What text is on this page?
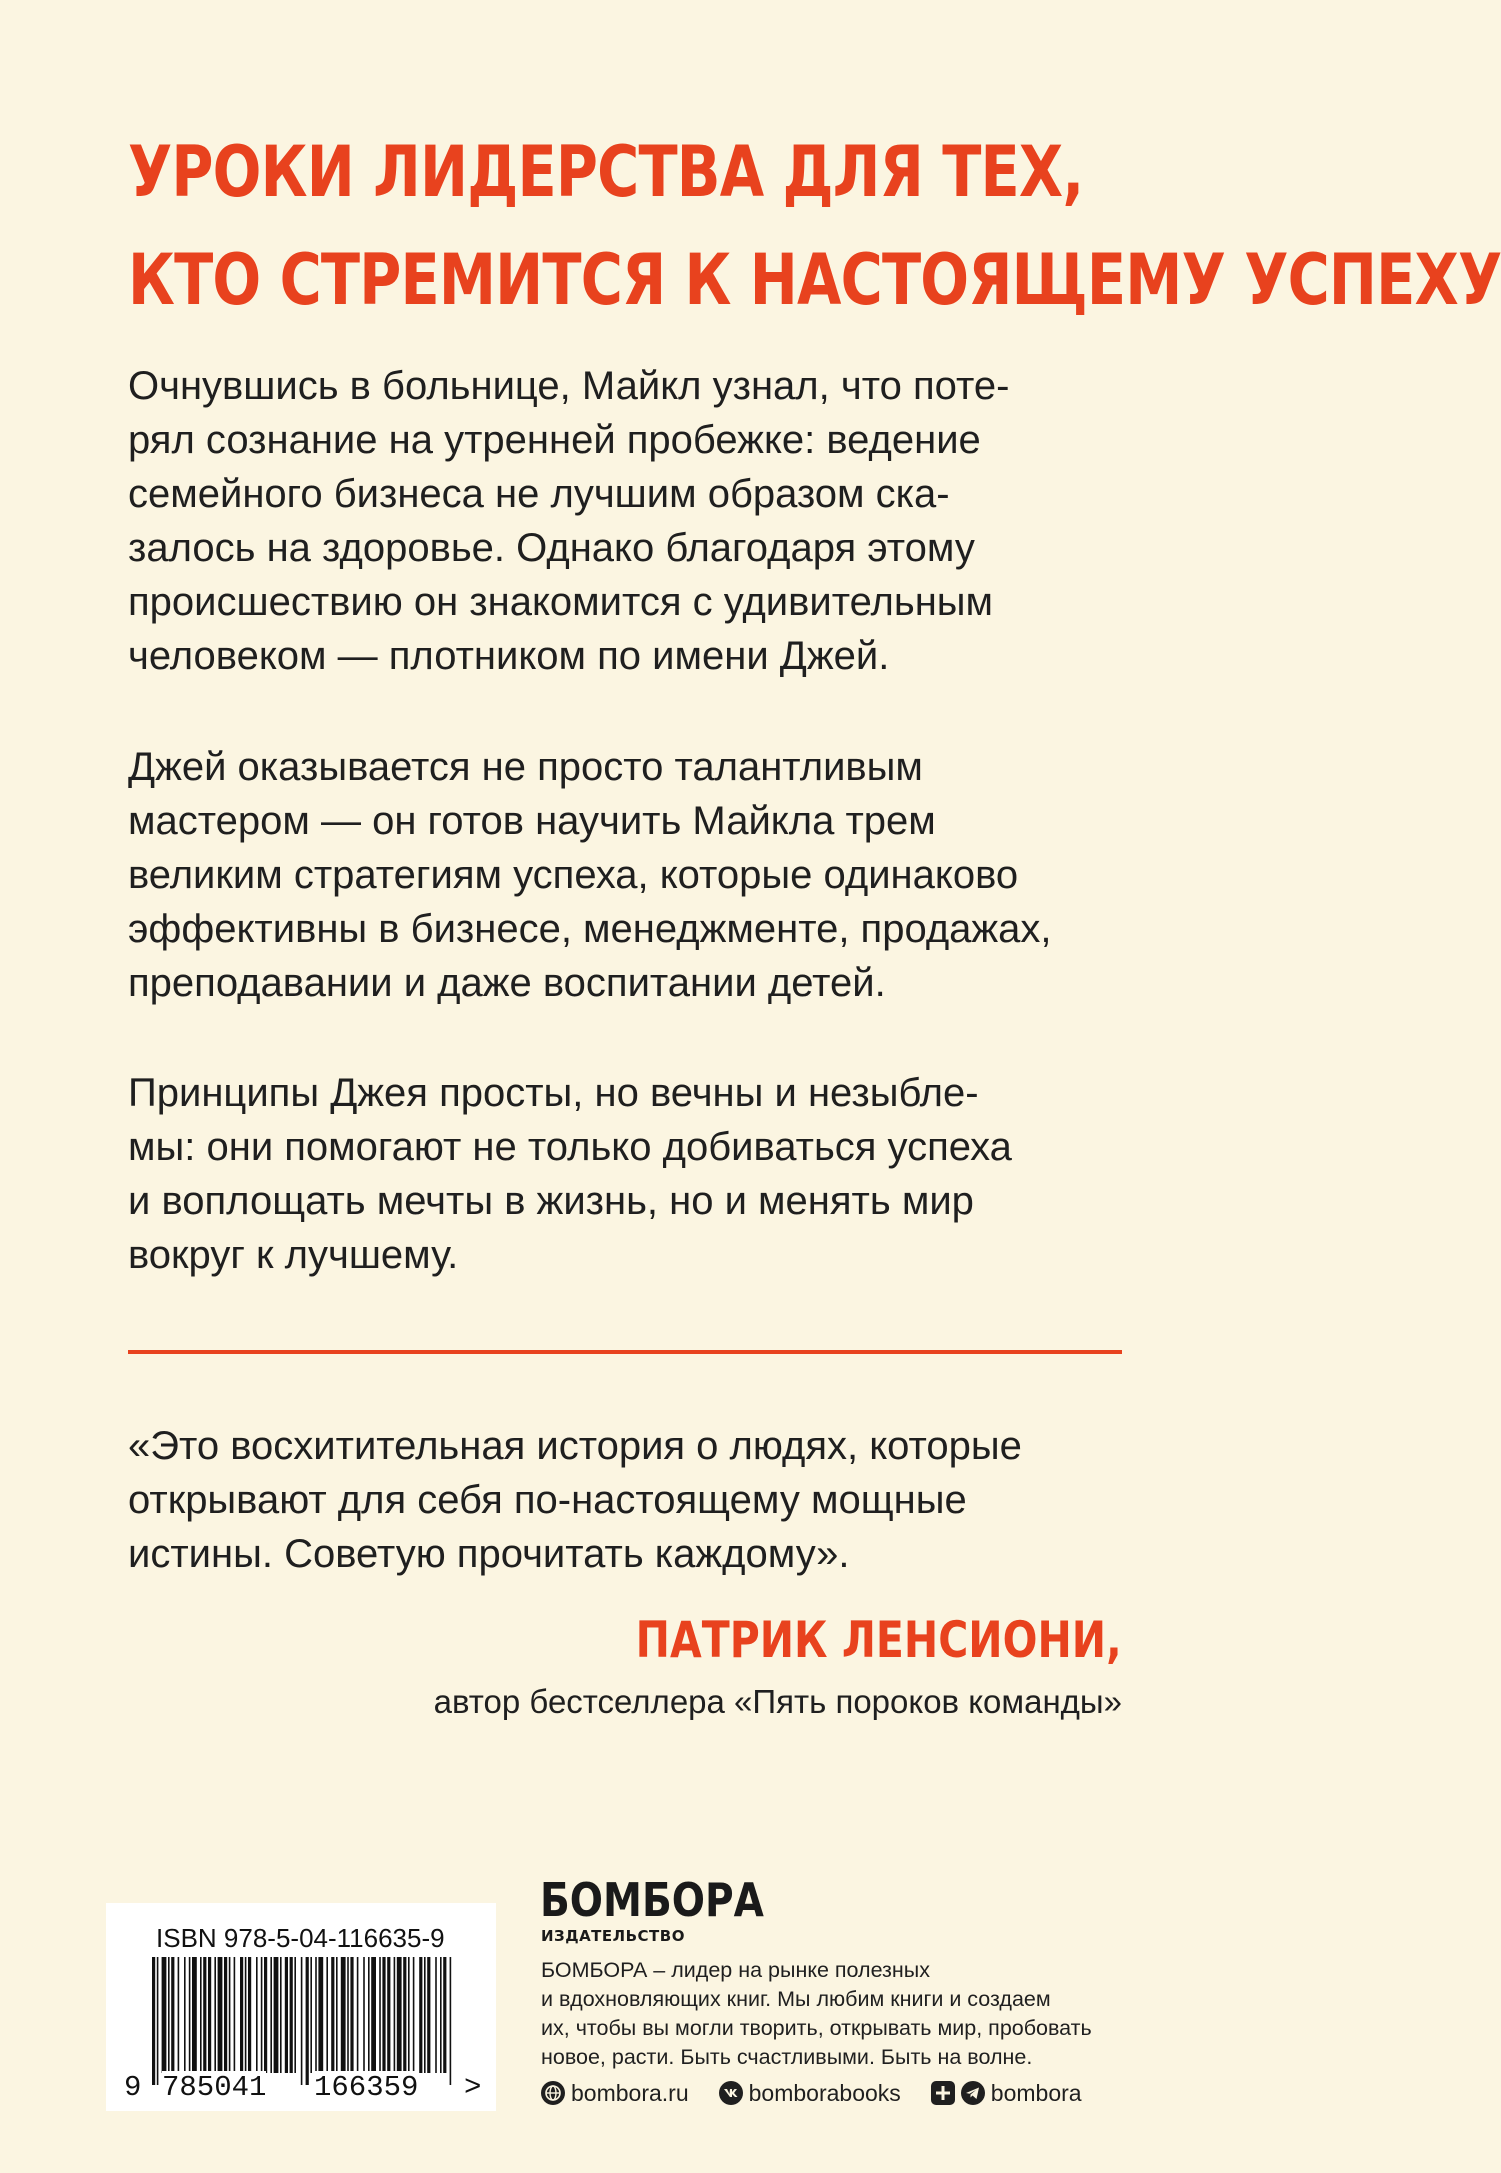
УРОКИ ЛИДЕРСТВА ДЛЯ ТЕХ,
КТО СТРЕМИТСЯ К НАСТОЯЩЕМУ УСПЕХУ
Очнувшись в больнице, Майкл узнал, что поте-
рял сознание на утренней пробежке: ведение
семейного бизнеса не лучшим образом ска-
залось на здоровье. Однако благодаря этому
происшествию он знакомится с удивительным
человеком — плотником по имени Джей.
Джей оказывается не просто талантливым
мастером — он готов научить Майкла трем
великим стратегиям успеха, которые одинаково
эффективны в бизнесе, менеджменте, продажах,
преподавании и даже воспитании детей.
Принципы Джея просты, но вечны и незыбле-
мы: они помогают не только добиваться успеха
и воплощать мечты в жизнь, но и менять мир
вокруг к лучшему.
«Это восхитительная история о людях, которые
открывают для себя по-настоящему мощные
истины. Советую прочитать каждому».
ПАТРИК ЛЕНСИОНИ,
автор бестселлера «Пять пороков команды»
ISBN 978-5-04-116635-9
9 785041 166359 >
БОМБОРА
ИЗДАТЕЛЬСТВО
БОМБОРА – лидер на рынке полезных
и вдохновляющих книг. Мы любим книги и создаем
их, чтобы вы могли творить, открывать мир, пробовать
новое, расти. Быть счастливыми. Быть на волне.
bombora.ru	bomborabooks	bombora
